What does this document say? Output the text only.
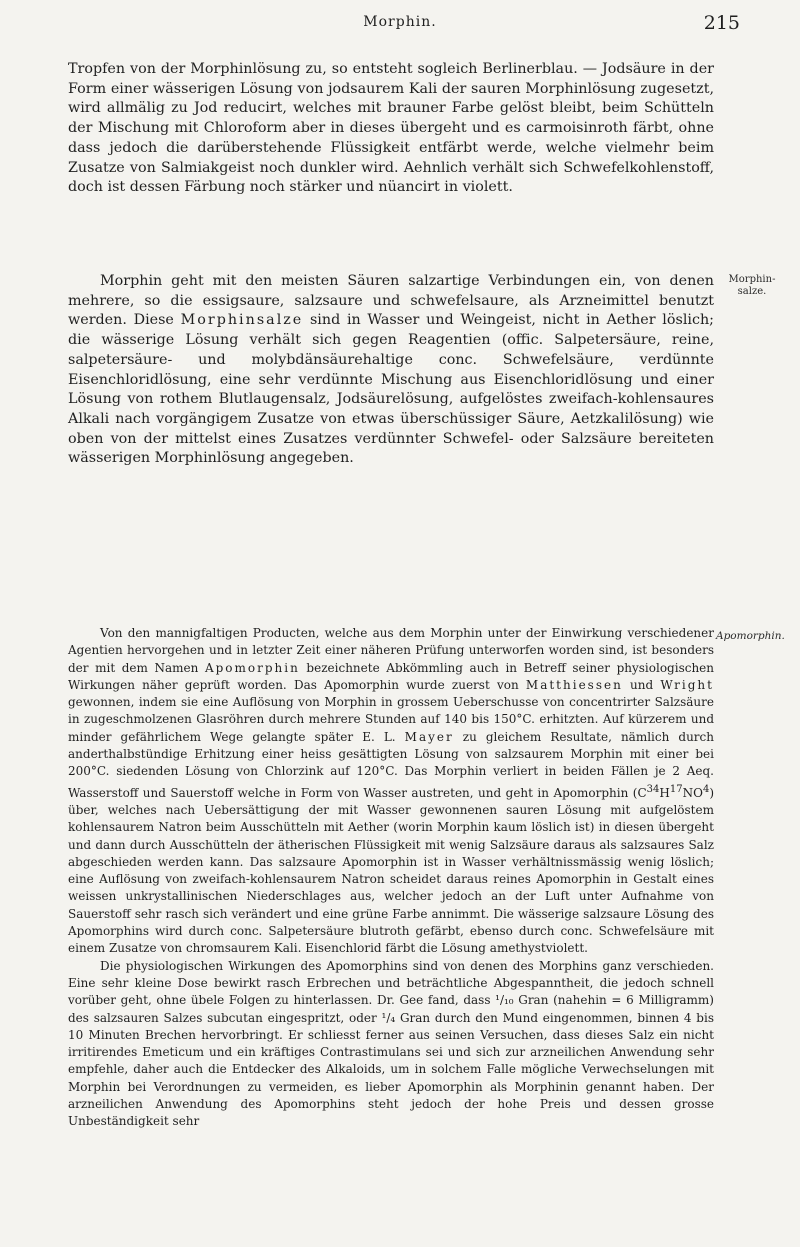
Morphin.	215
Morphin-salze.
Apomorphin.

Tropfen von der Morphinlösung zu, so entsteht sogleich Berlinerblau. — Jodsäure in der Form einer wässerigen Lösung von jodsaurem Kali der sauren Morphinlösung zugesetzt, wird allmälig zu Jod reducirt, welches mit brauner Farbe gelöst bleibt, beim Schütteln der Mischung mit Chloroform aber in dieses übergeht und es carmoisinroth färbt, ohne dass jedoch die darüberstehende Flüssigkeit entfärbt werde, welche vielmehr beim Zusatze von Salmiakgeist noch dunkler wird. Aehnlich verhält sich Schwefelkohlenstoff, doch ist dessen Färbung noch stärker und nüancirt in violett.

Morphin geht mit den meisten Säuren salzartige Verbindungen ein, von denen mehrere, so die essigsaure, salzsaure und schwefelsaure, als Arzneimittel benutzt werden. Diese Morphinsalze sind in Wasser und Weingeist, nicht in Aether löslich; die wässerige Lösung verhält sich gegen Reagentien (offic. Salpetersäure, reine, salpetersäure- und molybdänsäurehaltige conc. Schwefelsäure, verdünnte Eisenchloridlösung, eine sehr verdünnte Mischung aus Eisenchloridlösung und einer Lösung von rothem Blutlaugensalz, Jodsäurelösung, aufgelöstes zweifach-kohlensaures Alkali nach vorgängigem Zusatze von etwas überschüssiger Säure, Aetzkalilösung) wie oben von der mittelst eines Zusatzes verdünnter Schwefel- oder Salzsäure bereiteten wässerigen Morphinlösung angegeben.

Von den mannigfaltigen Producten, welche aus dem Morphin unter der Einwirkung verschiedener Agentien hervorgehen und in letzter Zeit einer näheren Prüfung unterworfen worden sind, ist besonders der mit dem Namen Apomorphin bezeichnete Abkömmling auch in Betreff seiner physiologischen Wirkungen näher geprüft worden. Das Apomorphin wurde zuerst von Matthiessen und Wright gewonnen, indem sie eine Auflösung von Morphin in grossem Ueberschusse von concentrirter Salzsäure in zugeschmolzenen Glasröhren durch mehrere Stunden auf 140 bis 150°C. erhitzten. Auf kürzerem und minder gefährlichem Wege gelangte später E. L. Mayer zu gleichem Resultate, nämlich durch anderthalbstündige Erhitzung einer heiss gesättigten Lösung von salzsaurem Morphin mit einer bei 200°C. siedenden Lösung von Chlorzink auf 120°C. Das Morphin verliert in beiden Fällen je 2 Aeq. Wasserstoff und Sauerstoff welche in Form von Wasser austreten, und geht in Apomorphin $(C^{34}H^{17}NO^4)$ über, welches nach Uebersättigung der mit Wasser gewonnenen sauren Lösung mit aufgelöstem kohlensaurem Natron beim Ausschütteln mit Aether (worin Morphin kaum löslich ist) in diesen übergeht und dann durch Ausschütteln der ätherischen Flüssigkeit mit wenig Salzsäure daraus als salzsaures Salz abgeschieden werden kann. Das salzsaure Apomorphin ist in Wasser verhältnissmässig wenig löslich; eine Auflösung von zweifach-kohlensaurem Natron scheidet daraus reines Apomorphin in Gestalt eines weissen unkrystallinischen Niederschlages aus, welcher jedoch an der Luft unter Aufnahme von Sauerstoff sehr rasch sich verändert und eine grüne Farbe annimmt. Die wässerige salzsaure Lösung des Apomorphins wird durch conc. Salpetersäure blutroth gefärbt, ebenso durch conc. Schwefelsäure mit einem Zusatze von chromsaurem Kali. Eisenchlorid färbt die Lösung amethystviolett.

Die physiologischen Wirkungen des Apomorphins sind von denen des Morphins ganz verschieden. Eine sehr kleine Dose bewirkt rasch Erbrechen und beträchtliche Abgespanntheit, die jedoch schnell vorüber geht, ohne übele Folgen zu hinterlassen. Dr. Gee fand, dass ¹/₁₀ Gran (nahehin = 6 Milligramm) des salzsauren Salzes subcutan eingespritzt, oder ¹/₄ Gran durch den Mund eingenommen, binnen 4 bis 10 Minuten Brechen hervorbringt. Er schliesst ferner aus seinen Versuchen, dass dieses Salz ein nicht irritirendes Emeticum und ein kräftiges Contrastimulans sei und sich zur arzneilichen Anwendung sehr empfehle, daher auch die Entdecker des Alkaloids, um in solchem Falle mögliche Verwechselungen mit Morphin bei Verordnungen zu vermeiden, es lieber Apomorphin als Morphinin genannt haben. Der arzneilichen Anwendung des Apomorphins steht jedoch der hohe Preis und dessen grosse Unbeständigkeit sehr
